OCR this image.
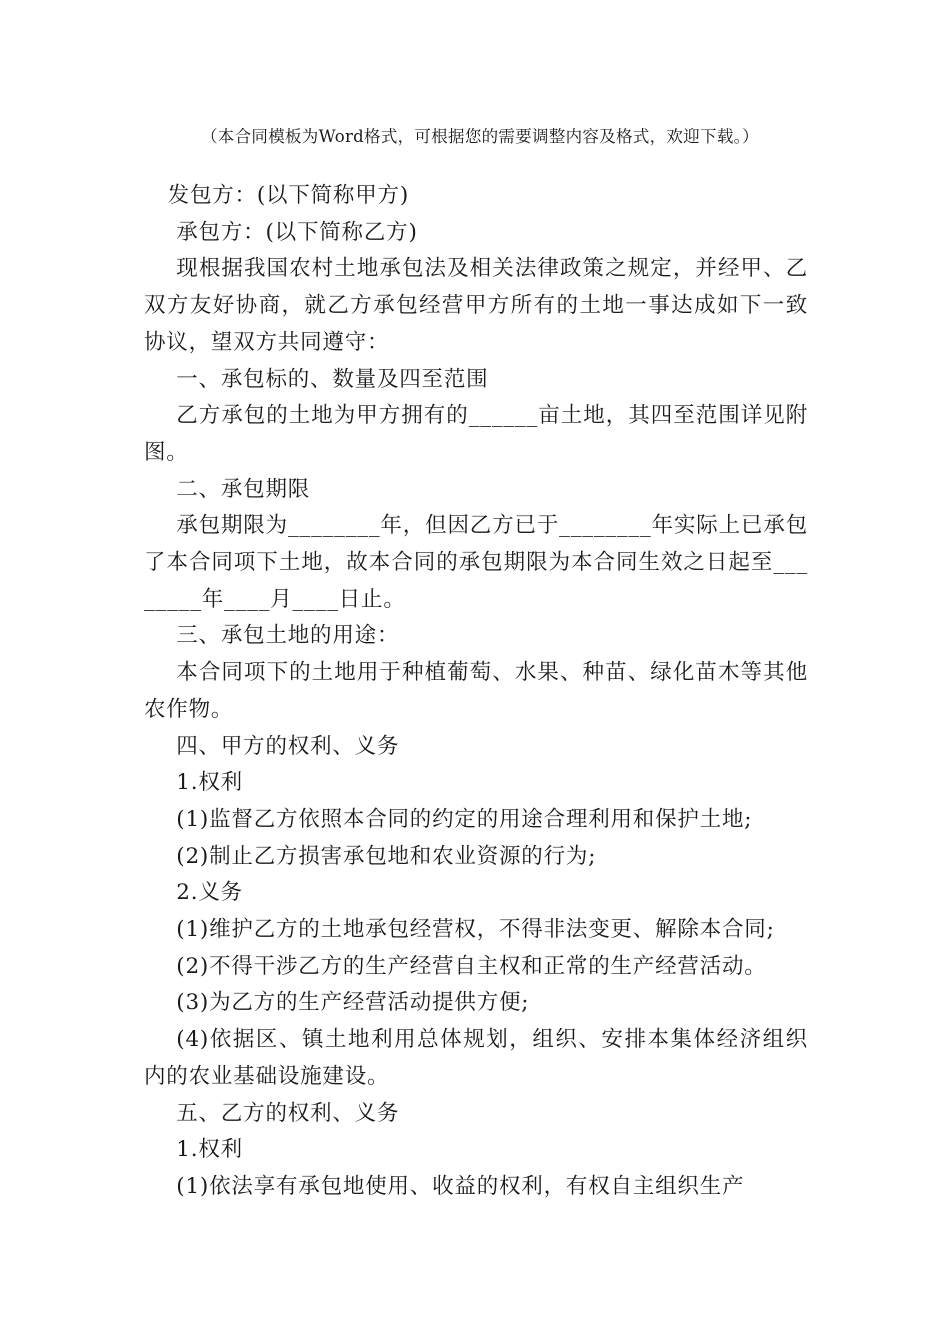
（本合同模板为Word格式，可根据您的需要调整内容及格式，欢迎下载。）

发包方：(以下简称甲方)

承包方：(以下简称乙方)

现根据我国农村土地承包法及相关法律政策之规定，并经甲、乙双方友好协商，就乙方承包经营甲方所有的土地一事达成如下一致协议，望双方共同遵守：

一、承包标的、数量及四至范围

乙方承包的土地为甲方拥有的______亩土地，其四至范围详见附图。

二、承包期限

承包期限为________年，但因乙方已于________年实际上已承包了本合同项下土地，故本合同的承包期限为本合同生效之日起至________年____月____日止。

三、承包土地的用途：

本合同项下的土地用于种植葡萄、水果、种苗、绿化苗木等其他农作物。

四、甲方的权利、义务

1.权利

(1)监督乙方依照本合同的约定的用途合理利用和保护土地;

(2)制止乙方损害承包地和农业资源的行为;

2.义务

(1)维护乙方的土地承包经营权，不得非法变更、解除本合同;

(2)不得干涉乙方的生产经营自主权和正常的生产经营活动。

(3)为乙方的生产经营活动提供方便;

(4)依据区、镇土地利用总体规划，组织、安排本集体经济组织内的农业基础设施建设。

五、乙方的权利、义务

1.权利

(1)依法享有承包地使用、收益的权利，有权自主组织生产
